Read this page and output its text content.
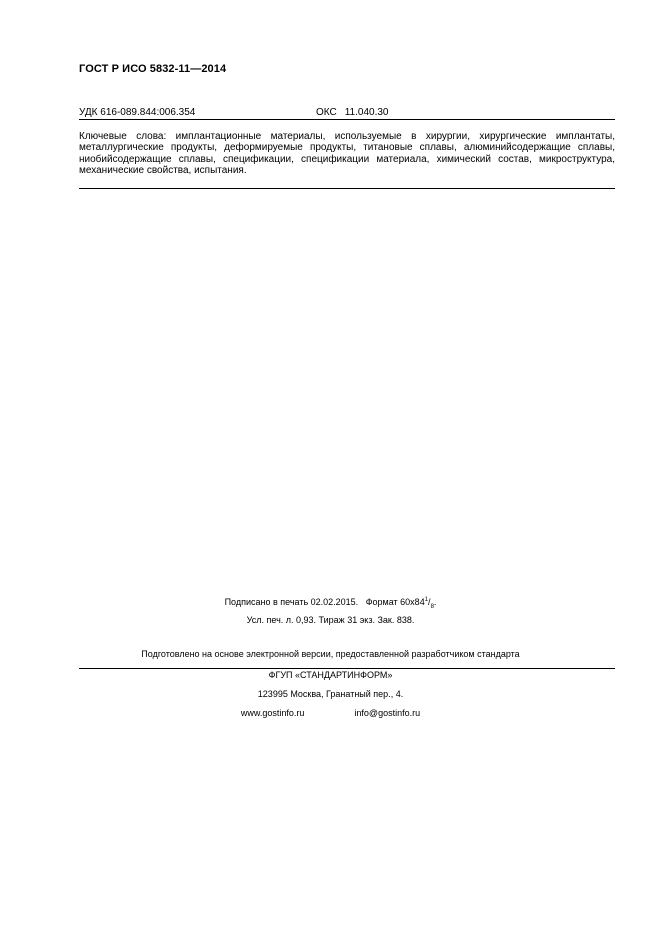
ГОСТ Р ИСО 5832-11—2014
УДК 616-089.844:006.354	ОКС 11.040.30
Ключевые слова: имплантационные материалы, используемые в хирургии, хирургические имплантаты, металлургические продукты, деформируемые продукты, титановые сплавы, алюминийсодержащие сплавы, ниобийсодержащие сплавы, спецификации, спецификации материала, химический состав, микроструктура, механические свойства, испытания.
Подписано в печать 02.02.2015. Формат $60х84^1/_8$.
Усл. печ. л. 0,93. Тираж 31 экз. Зак. 838.
Подготовлено на основе электронной версии, предоставленной разработчиком стандарта
ФГУП «СТАНДАРТИНФОРМ»
123995 Москва, Гранатный пер., 4.
www.gostinfo.ru	info@gostinfo.ru
